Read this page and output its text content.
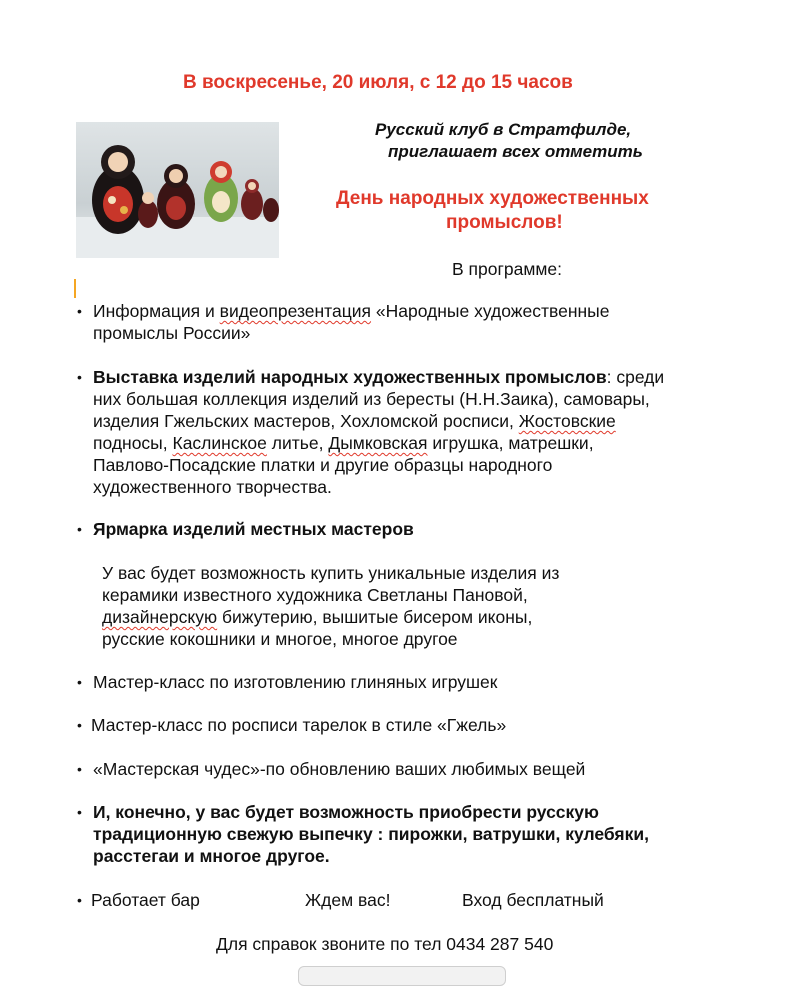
В воскресенье, 20 июля, с 12 до 15 часов
Русский клуб в Стратфилде,
приглашает всех отметить
День народных художественных
промыслов!
В программе:
• Информация и видеопрезентация «Народные художественные
промыслы России»
• Выставка изделий народных художественных промыслов: среди
них большая коллекция изделий из бересты (Н.Н.Заика), самовары,
изделия Гжельских мастеров, Хохломской росписи, Жостовские
подносы, Каслинское литье, Дымковская игрушка, матрешки,
Павлово-Посадские платки и другие образцы народного
художественного творчества.
• Ярмарка изделий местных мастеров
У вас будет возможность купить уникальные изделия из
керамики известного художника Светланы Пановой,
дизайнерскую бижутерию, вышитые бисером иконы,
русские кокошники и многое, многое другое
• Мастер-класс по изготовлению глиняных игрушек
• Мастер-класс по росписи тарелок в стиле «Гжель»
• «Мастерская чудес»-по обновлению ваших любимых вещей
• И, конечно, у вас будет возможность приобрести русскую
традиционную свежую выпечку : пирожки, ватрушки, кулебяки,
расстегаи и многое другое.
• Работает бар	Ждем вас!	Вход бесплатный
Для справок звоните по тел 0434 287 540
